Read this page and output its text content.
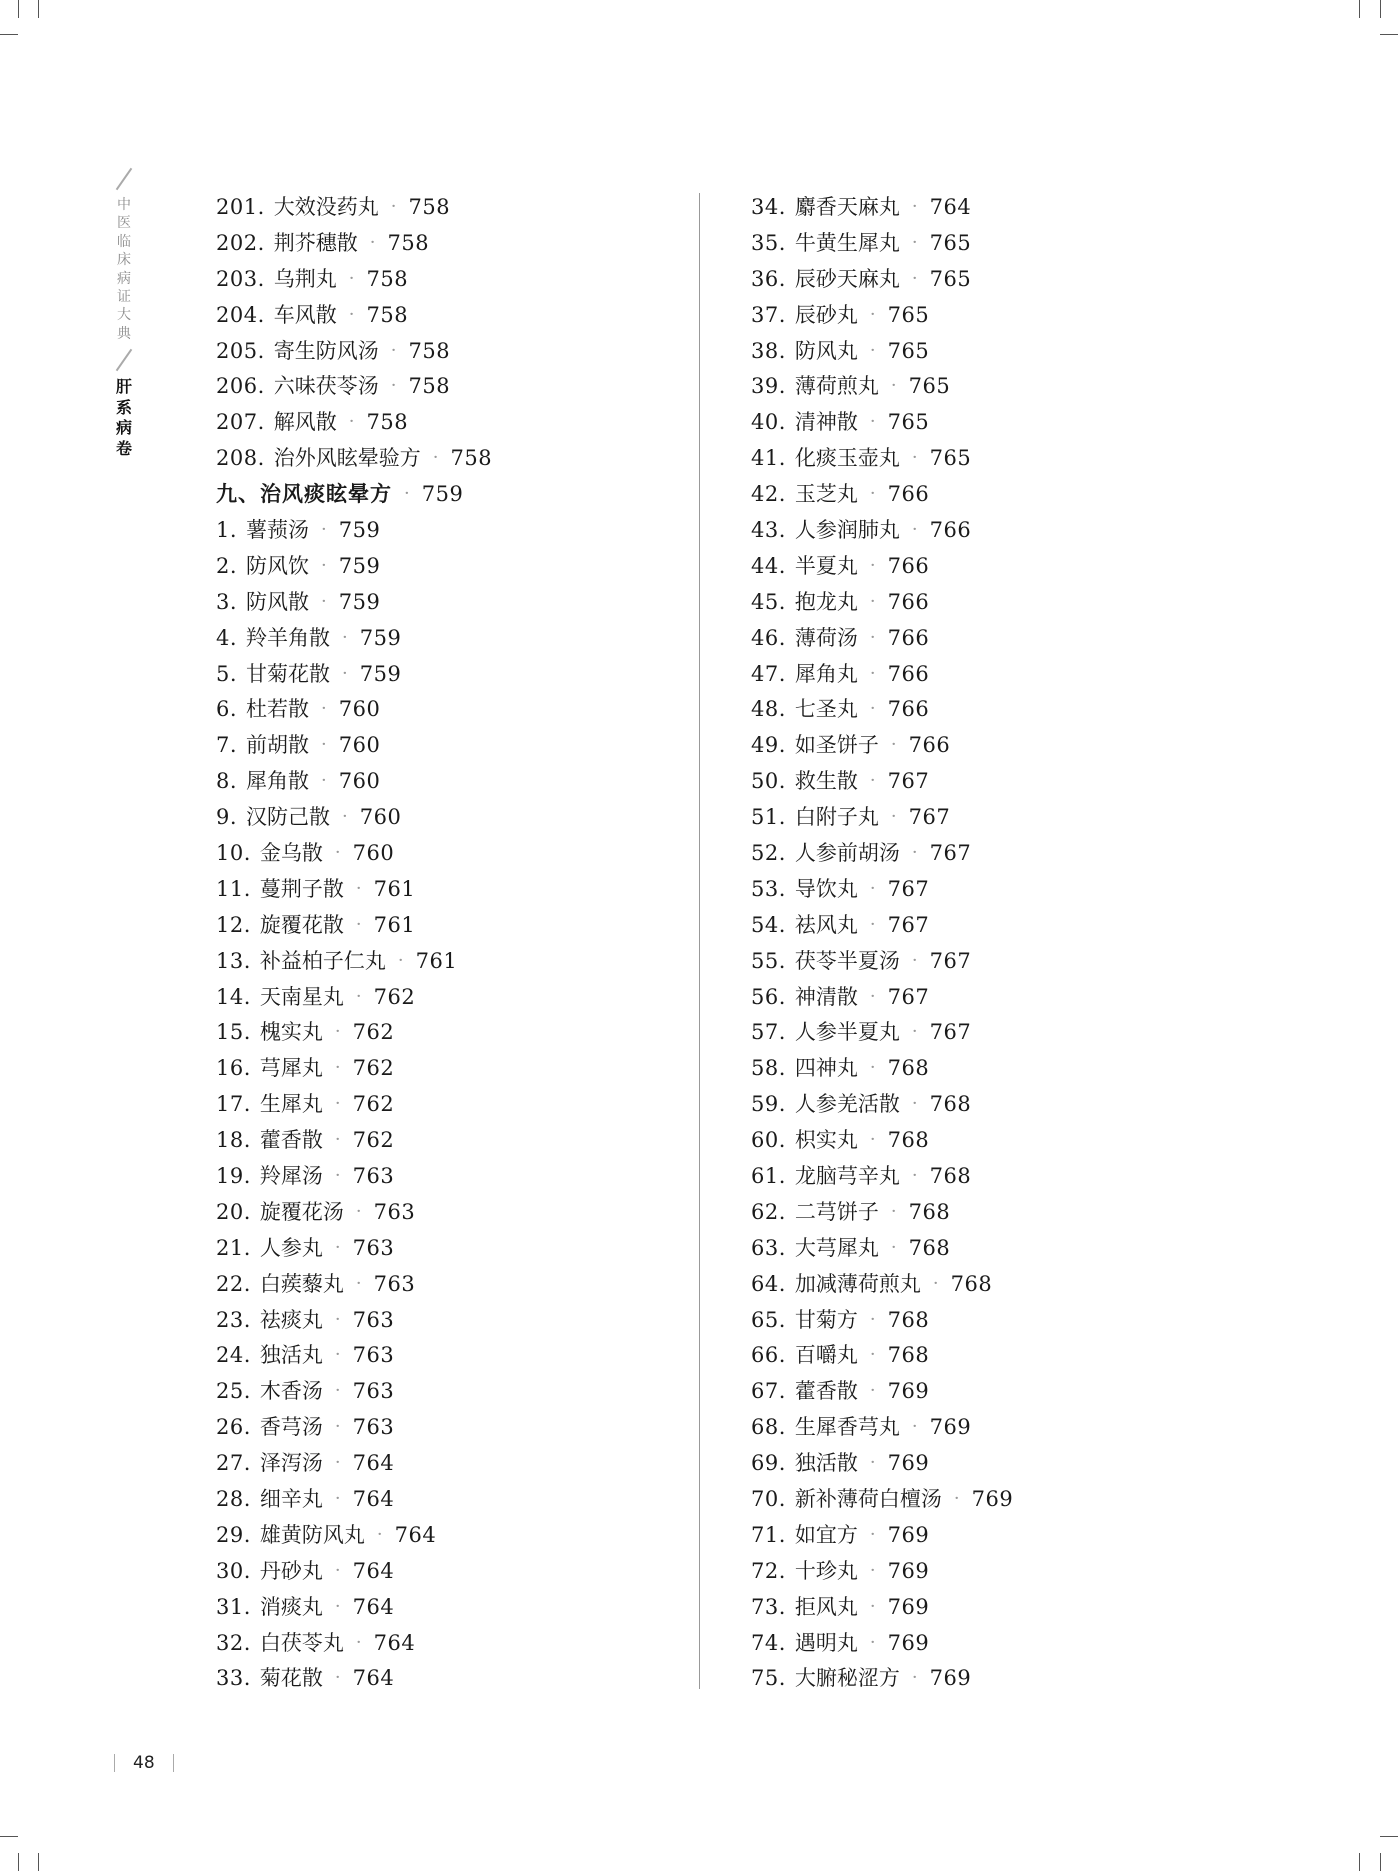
中
医
临
床
病
证
大
典
肝
系
病
卷
201. 大效没药丸 · 758
202. 荆芥穗散 · 758
203. 乌荆丸 · 758
204. 车风散 · 758
205. 寄生防风汤 · 758
206. 六味茯苓汤 · 758
207. 解风散 · 758
208. 治外风眩晕验方 · 758
九、治风痰眩晕方 · 759
1. 薯蓣汤 · 759
2. 防风饮 · 759
3. 防风散 · 759
4. 羚羊角散 · 759
5. 甘菊花散 · 759
6. 杜若散 · 760
7. 前胡散 · 760
8. 犀角散 · 760
9. 汉防己散 · 760
10. 金乌散 · 760
11. 蔓荆子散 · 761
12. 旋覆花散 · 761
13. 补益柏子仁丸 · 761
14. 天南星丸 · 762
15. 槐实丸 · 762
16. 芎犀丸 · 762
17. 生犀丸 · 762
18. 藿香散 · 762
19. 羚犀汤 · 763
20. 旋覆花汤 · 763
21. 人参丸 · 763
22. 白蒺藜丸 · 763
23. 祛痰丸 · 763
24. 独活丸 · 763
25. 木香汤 · 763
26. 香芎汤 · 763
27. 泽泻汤 · 764
28. 细辛丸 · 764
29. 雄黄防风丸 · 764
30. 丹砂丸 · 764
31. 消痰丸 · 764
32. 白茯苓丸 · 764
33. 菊花散 · 764
34. 麝香天麻丸 · 764
35. 牛黄生犀丸 · 765
36. 辰砂天麻丸 · 765
37. 辰砂丸 · 765
38. 防风丸 · 765
39. 薄荷煎丸 · 765
40. 清神散 · 765
41. 化痰玉壶丸 · 765
42. 玉芝丸 · 766
43. 人参润肺丸 · 766
44. 半夏丸 · 766
45. 抱龙丸 · 766
46. 薄荷汤 · 766
47. 犀角丸 · 766
48. 七圣丸 · 766
49. 如圣饼子 · 766
50. 救生散 · 767
51. 白附子丸 · 767
52. 人参前胡汤 · 767
53. 导饮丸 · 767
54. 祛风丸 · 767
55. 茯苓半夏汤 · 767
56. 神清散 · 767
57. 人参半夏丸 · 767
58. 四神丸 · 768
59. 人参羌活散 · 768
60. 枳实丸 · 768
61. 龙脑芎辛丸 · 768
62. 二芎饼子 · 768
63. 大芎犀丸 · 768
64. 加减薄荷煎丸 · 768
65. 甘菊方 · 768
66. 百嚼丸 · 768
67. 藿香散 · 769
68. 生犀香芎丸 · 769
69. 独活散 · 769
70. 新补薄荷白檀汤 · 769
71. 如宜方 · 769
72. 十珍丸 · 769
73. 拒风丸 · 769
74. 遇明丸 · 769
75. 大腑秘涩方 · 769
48
